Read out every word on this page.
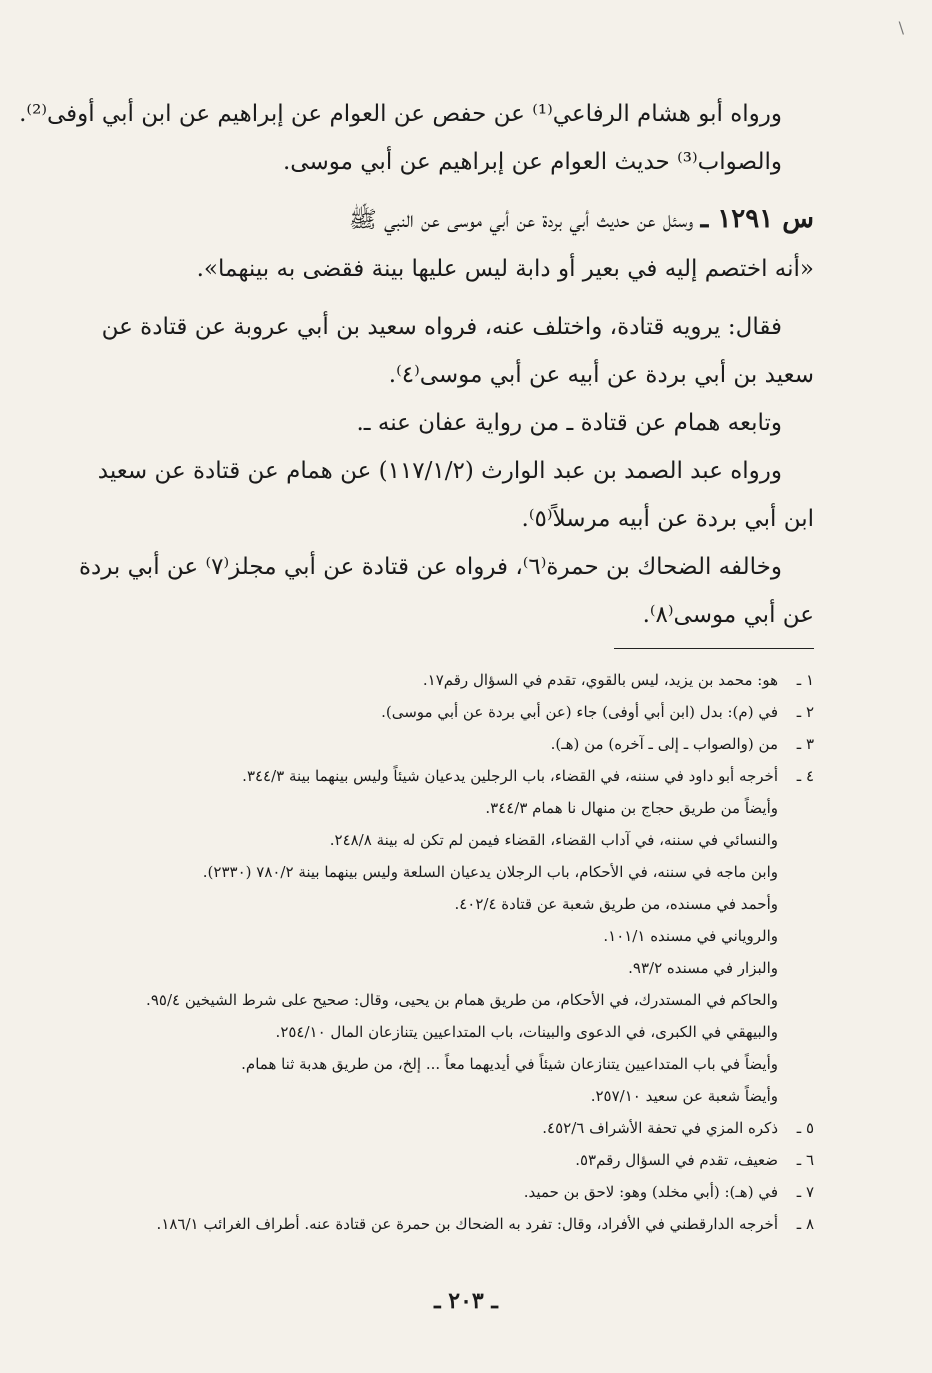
\
ورواه أبو هشام الرفاعي⁽¹⁾ عن حفص عن العوام عن إبراهيم عن ابن أبي أوفى⁽²⁾.
والصواب⁽³⁾ حديث العوام عن إبراهيم عن أبي موسى.
س ١٢٩١ ـ وسئل عن حديث أبي بردة عن أبي موسى عن النبي ﷺ
«أنه اختصم إليه في بعير أو دابة ليس عليها بينة فقضى به بينهما».
فقال: يرويه قتادة، واختلف عنه، فرواه سعيد بن أبي عروبة عن قتادة عن
سعيد بن أبي بردة عن أبيه عن أبي موسى⁽٤⁾.
وتابعه همام عن قتادة ـ من رواية عفان عنه ـ.
ورواه عبد الصمد بن عبد الوارث (١١٧/١/٢) عن همام عن قتادة عن سعيد
ابن أبي بردة عن أبيه مرسلاً⁽٥⁾.
وخالفه الضحاك بن حمرة⁽٦⁾، فرواه عن قتادة عن أبي مجلز⁽٧⁾ عن أبي بردة
عن أبي موسى⁽٨⁾.
١ ـهو: محمد بن يزيد، ليس بالقوي، تقدم في السؤال رقم١٧.
٢ ـفي (م): بدل (ابن أبي أوفى) جاء (عن أبي بردة عن أبي موسى).
٣ ـمن (والصواب ـ إلى ـ آخره) من (هـ).
٤ ـأخرجه أبو داود في سننه، في القضاء، باب الرجلين يدعيان شيئاً وليس بينهما بينة ٣٤٤/٣.
وأيضاً من طريق حجاج بن منهال نا همام ٣٤٤/٣.
والنسائي في سننه، في آداب القضاء، القضاء فيمن لم تكن له بينة ٢٤٨/٨.
وابن ماجه في سننه، في الأحكام، باب الرجلان يدعيان السلعة وليس بينهما بينة ٧٨٠/٢ (٢٣٣٠).
وأحمد في مسنده، من طريق شعبة عن قتادة ٤٠٢/٤.
والروياني في مسنده ١٠١/١.
والبزار في مسنده ٩٣/٢.
والحاكم في المستدرك، في الأحكام، من طريق همام بن يحيى، وقال: صحيح على شرط الشيخين ٩٥/٤.
والبيهقي في الكبرى، في الدعوى والبينات، باب المتداعيين يتنازعان المال ٢٥٤/١٠.
وأيضاً في باب المتداعيين يتنازعان شيئاً في أيديهما معاً ... إلخ، من طريق هدبة ثنا همام.
وأيضاً شعبة عن سعيد ٢٥٧/١٠.
٥ ـذكره المزي في تحفة الأشراف ٤٥٢/٦.
٦ ـضعيف، تقدم في السؤال رقم٥٣.
٧ ـفي (هـ): (أبي مخلد) وهو: لاحق بن حميد.
٨ ـأخرجه الدارقطني في الأفراد، وقال: تفرد به الضحاك بن حمرة عن قتادة عنه. أطراف الغرائب ١٨٦/١.
ـ ٢٠٣ ـ
